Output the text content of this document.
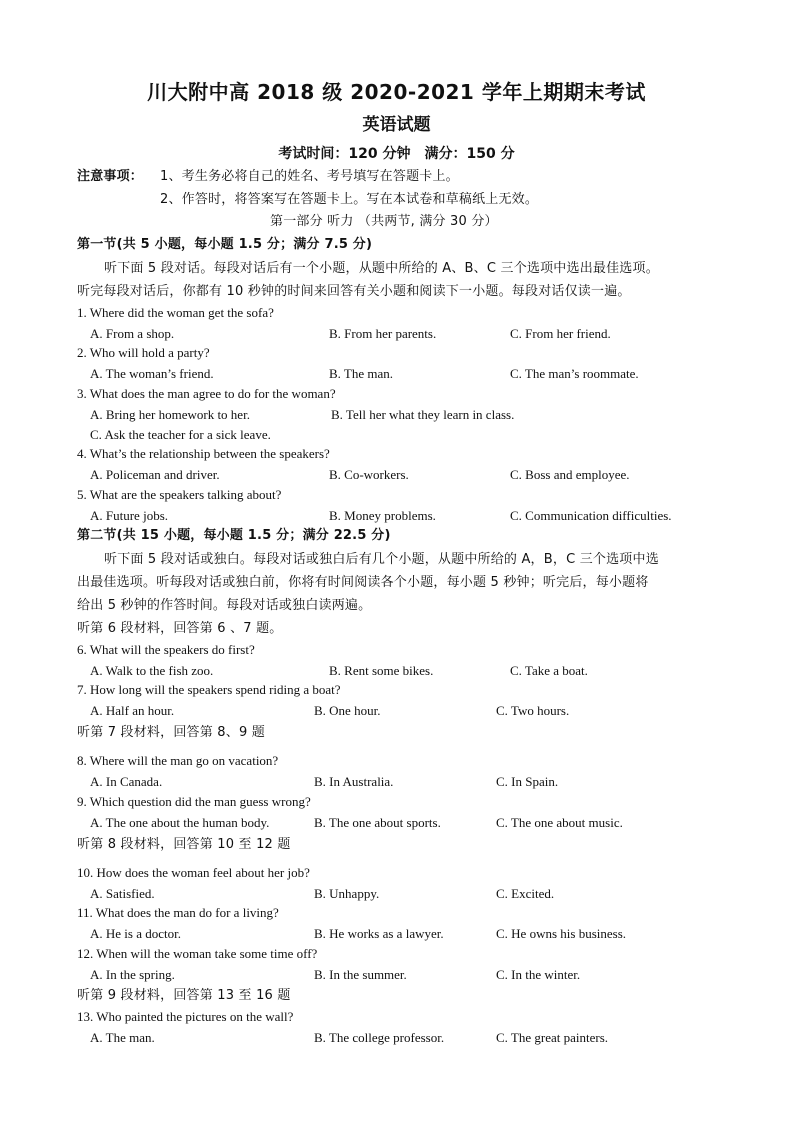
川大附中高 2018 级 2020-2021 学年上期期末考试
英语试题
考试时间：120 分钟　满分：150 分
注意事项： 1、考生务必将自己的姓名、考号填写在答题卡上。
2、作答时，将答案写在答题卡上。写在本试卷和草稿纸上无效。
第一部分 听力 （共两节, 满分 30 分）
第一节(共 5 小题，每小题 1.5 分；满分 7.5 分)
听下面 5 段对话。每段对话后有一个小题，从题中所给的 A、B、C 三个选项中选出最佳选项。
听完每段对话后，你都有 10 秒钟的时间来回答有关小题和阅读下一小题。每段对话仅读一遍。
1. Where did the woman get the sofa?
A. From a shop.	B. From her parents.	C. From her friend.
2. Who will hold a party?
A. The woman’s friend.	B. The man.	C. The man’s roommate.
3. What does the man agree to do for the woman?
A. Bring her homework to her.	B. Tell her what they learn in class.
C. Ask the teacher for a sick leave.
4. What’s the relationship between the speakers?
A. Policeman and driver.	B. Co-workers.	C. Boss and employee.
5. What are the speakers talking about?
A. Future jobs.	B. Money problems.	C. Communication difficulties.
第二节(共 15 小题，每小题 1.5 分；满分 22.5 分)
听下面 5 段对话或独白。每段对话或独白后有几个小题，从题中所给的 A，B，C 三个选项中选
出最佳选项。听每段对话或独白前，你将有时间阅读各个小题，每小题 5 秒钟；听完后，每小题将
给出 5 秒钟的作答时间。每段对话或独白读两遍。
听第 6 段材料，回答第 6 、7 题。
6. What will the speakers do first?
A. Walk to the fish zoo.	B. Rent some bikes.	C. Take a boat.
7. How long will the speakers spend riding a boat?
A. Half an hour.	B. One hour.	C. Two hours.
听第 7 段材料，回答第 8、9 题
8. Where will the man go on vacation?
A. In Canada.	B. In Australia.	C. In Spain.
9. Which question did the man guess wrong?
A. The one about the human body.	B. The one about sports.	C. The one about music.
听第 8 段材料，回答第 10 至 12 题
10. How does the woman feel about her job?
A. Satisfied.	B. Unhappy.	C. Excited.
11. What does the man do for a living?
A. He is a doctor.	B. He works as a lawyer.	C. He owns his business.
12. When will the woman take some time off?
A. In the spring.	B. In the summer.	C. In the winter.
听第 9 段材料，回答第 13 至 16 题
13. Who painted the pictures on the wall?
A. The man.	B. The college professor.	C. The great painters.
